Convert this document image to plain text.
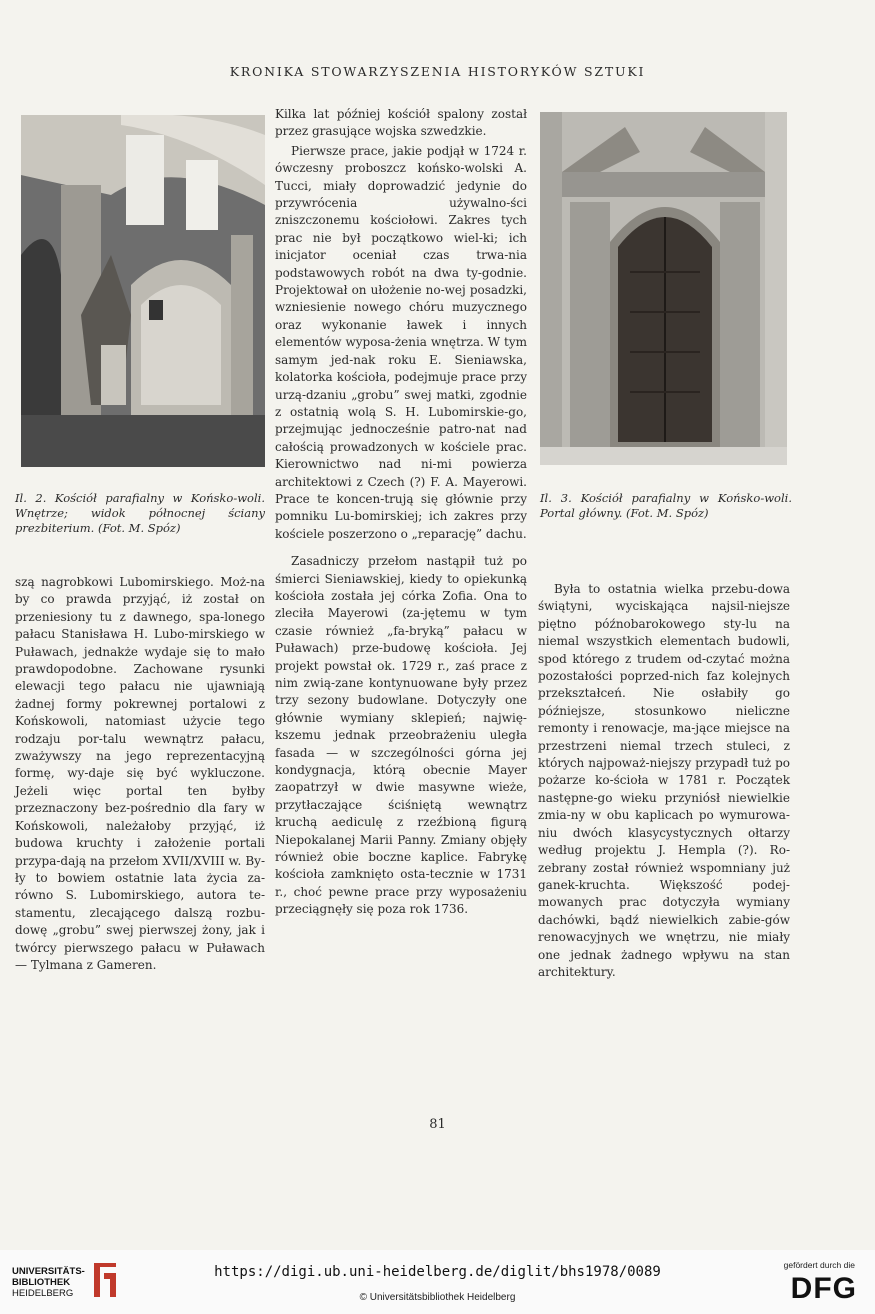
KRONIKA STOWARZYSZENIA HISTORYKÓW SZTUKI
Il. 2. Kościół parafialny w Końsko-woli. Wnętrze; widok północnej ściany prezbiterium. (Fot. M. Spóz)
Il. 3. Kościół parafialny w Końsko-woli. Portal główny. (Fot. M. Spóz)

szą nagrobkowi Lubomirskiego. Moż-na by co prawda przyjąć, iż został on przeniesiony tu z dawnego, spa-lonego pałacu Stanisława H. Lubo-mirskiego w Puławach, jednakże wydaje się to mało prawdopodobne. Zachowane rysunki elewacji tego pałacu nie ujawniają żadnej formy pokrewnej portalowi z Końskowoli, natomiast użycie tego rodzaju por-talu wewnątrz pałacu, zważywszy na jego reprezentacyjną formę, wy-daje się być wykluczone. Jeżeli więc portal ten byłby przeznaczony bez-pośrednio dla fary w Końskowoli, należałoby przyjąć, iż budowa kruchty i założenie portali przypa-dają na przełom XVII/XVIII w. By-ły to bowiem ostatnie lata życia za-równo S. Lubomirskiego, autora te-stamentu, zlecającego dalszą rozbu-dowę „grobu” swej pierwszej żony, jak i twórcy pierwszego pałacu w Puławach — Tylmana z Gameren.

Kilka lat później kościół spalony został przez grasujące wojska szwedzkie.

Pierwsze prace, jakie podjął w 1724 r. ówczesny proboszcz końsko-wolski A. Tucci, miały doprowadzić jedynie do przywrócenia używalno-ści zniszczonemu kościołowi. Zakres tych prac nie był początkowo wiel-ki; ich inicjator oceniał czas trwa-nia podstawowych robót na dwa ty-godnie. Projektował on ułożenie no-wej posadzki, wzniesienie nowego chóru muzycznego oraz wykonanie ławek i innych elementów wyposa-żenia wnętrza. W tym samym jed-nak roku E. Sieniawska, kolatorka kościoła, podejmuje prace przy urzą-dzaniu „grobu” swej matki, zgodnie z ostatnią wolą S. H. Lubomirskie-go, przejmując jednocześnie patro-nat nad całością prowadzonych w kościele prac. Kierownictwo nad ni-mi powierza architektowi z Czech (?) F. A. Mayerowi. Prace te koncen-trują się głównie przy pomniku Lu-bomirskiej; ich zakres przy kościele poszerzono o „reparację” dachu.

Zasadniczy przełom nastąpił tuż po śmierci Sieniawskiej, kiedy to opiekunką kościoła została jej córka Zofia. Ona to zleciła Mayerowi (za-jętemu w tym czasie również „fa-bryką” pałacu w Puławach) prze-budowę kościoła. Jej projekt powstał ok. 1729 r., zaś prace z nim zwią-zane kontynuowane były przez trzy sezony budowlane. Dotyczyły one głównie wymiany sklepień; najwię-kszemu jednak przeobrażeniu uległa fasada — w szczególności górna jej kondygnacja, którą obecnie Mayer zaopatrzył w dwie masywne wieże, przytłaczające ściśniętą wewnątrz kruchą aediculę z rzeźbioną figurą Niepokalanej Marii Panny. Zmiany objęły również obie boczne kaplice. Fabrykę kościoła zamknięto osta-tecznie w 1731 r., choć pewne prace przy wyposażeniu przeciągnęły się poza rok 1736.

Była to ostatnia wielka przebu-dowa świątyni, wyciskająca najsil-niejsze piętno późnobarokowego sty-lu na niemal wszystkich elementach budowli, spod którego z trudem od-czytać można pozostałości poprzed-nich faz kolejnych przekształceń. Nie osłabiły go późniejsze, stosunkowo nieliczne remonty i renowacje, ma-jące miejsce na przestrzeni niemal trzech stuleci, z których najpoważ-niejszy przypadł tuż po pożarze ko-ścioła w 1781 r. Początek następne-go wieku przyniósł niewielkie zmia-ny w obu kaplicach po wymurowa-niu dwóch klasycystycznych ołtarzy według projektu J. Hempla (?). Ro-zebrany został również wspomniany już ganek-kruchta. Większość podej-mowanych prac dotyczyła wymiany dachówki, bądź niewielkich zabie-gów renowacyjnych we wnętrzu, nie miały one jednak żadnego wpływu na stan architektury.

81
UNIVERSITÄTS-
BIBLIOTHEK
HEIDELBERG
https://digi.ub.uni-heidelberg.de/diglit/bhs1978/0089
© Universitätsbibliothek Heidelberg
gefördert durch die
DFG
